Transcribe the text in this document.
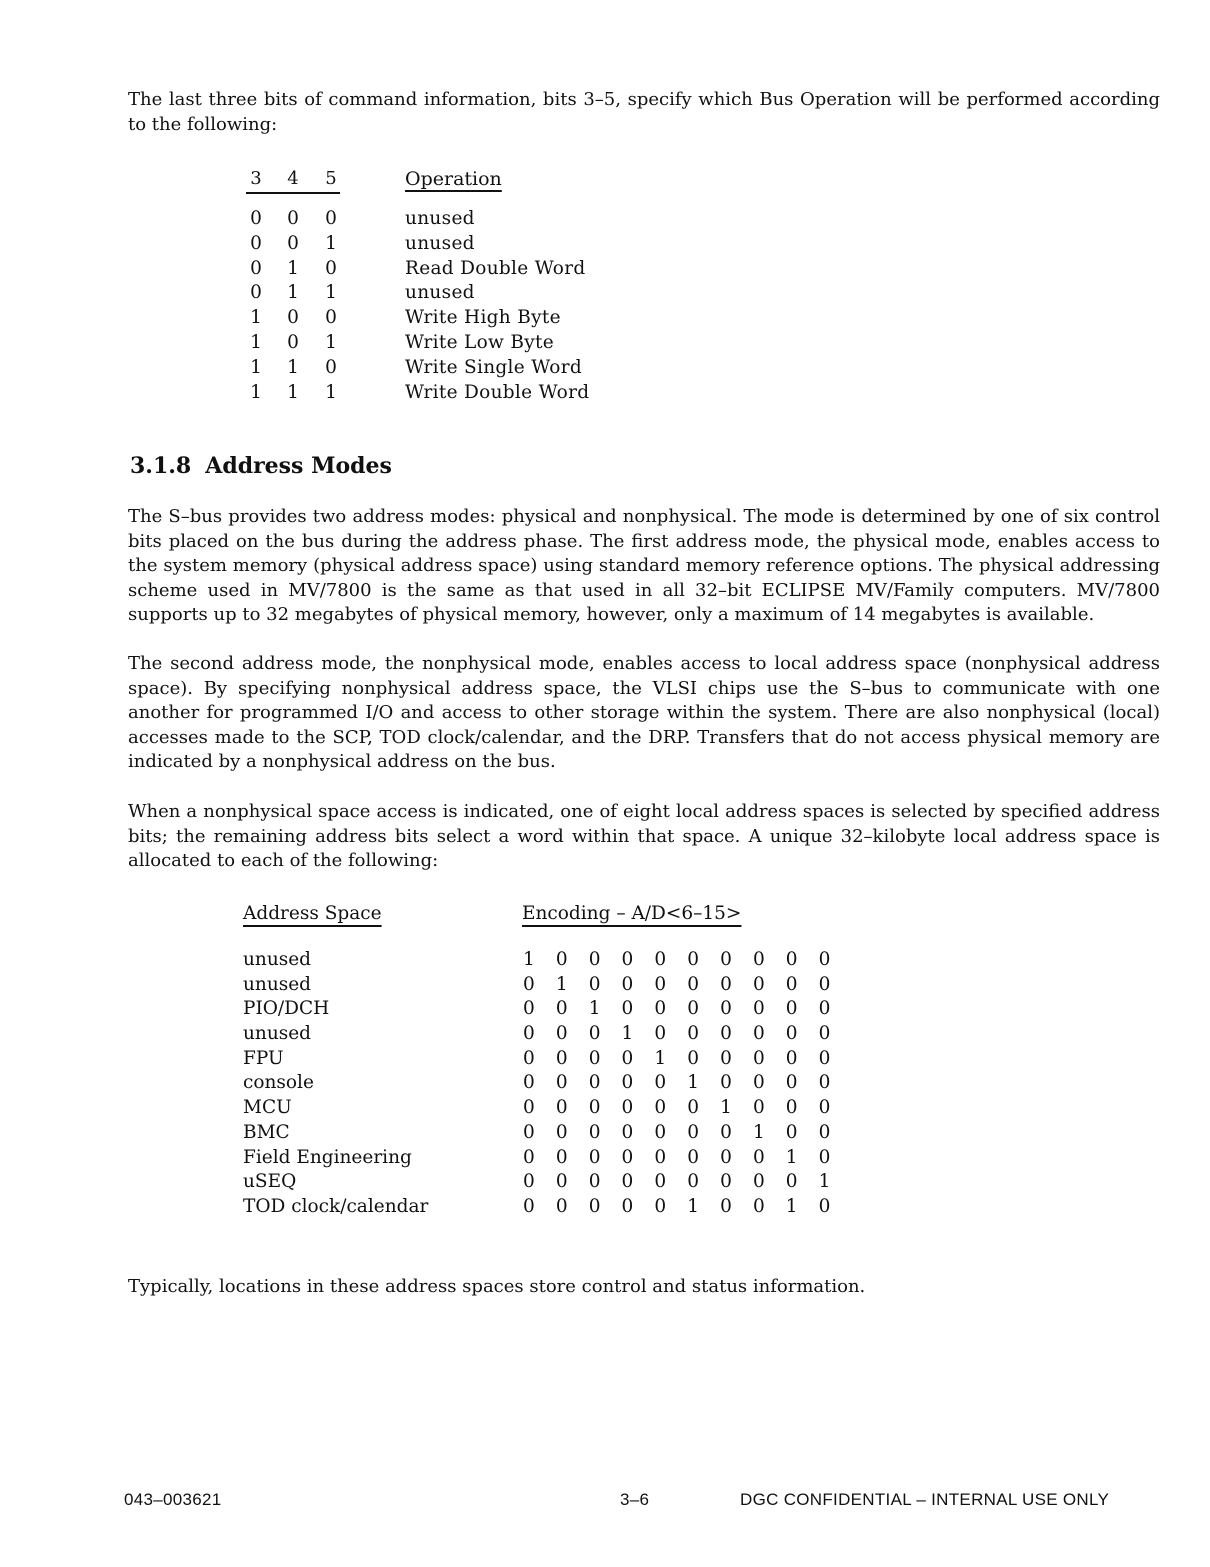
The last three bits of command information, bits 3–5, specify which Bus Operation will be performed according to the following:

3 4 5	Operation
0 0 0	unused
0 0 1	unused
0 1 0	Read Double Word
0 1 1	unused
1 0 0	Write High Byte
1 0 1	Write Low Byte
1 1 0	Write Single Word
1 1 1	Write Double Word
3.1.8 Address Modes

The S–bus provides two address modes: physical and nonphysical. The mode is determined by one of six control bits placed on the bus during the address phase. The first address mode, the physical mode, enables access to the system memory (physical address space) using standard memory reference options. The physical addressing scheme used in MV/7800 is the same as that used in all 32–bit ECLIPSE MV/Family computers. MV/7800 supports up to 32 megabytes of physical memory, however, only a maximum of 14 megabytes is available.

The second address mode, the nonphysical mode, enables access to local address space (nonphysical address space). By specifying nonphysical address space, the VLSI chips use the S–bus to communicate with one another for programmed I/O and access to other storage within the system. There are also nonphysical (local) accesses made to the SCP, TOD clock/calendar, and the DRP. Transfers that do not access physical memory are indicated by a nonphysical address on the bus.

When a nonphysical space access is indicated, one of eight local address spaces is selected by specified address bits; the remaining address bits select a word within that space. A unique 32–kilobyte local address space is allocated to each of the following:

Address Space	Encoding – A/D<6–15>
unused	1 0 0 0 0 0 0 0 0 0
unused	0 1 0 0 0 0 0 0 0 0
PIO/DCH	0 0 1 0 0 0 0 0 0 0
unused	0 0 0 1 0 0 0 0 0 0
FPU	0 0 0 0 1 0 0 0 0 0
console	0 0 0 0 0 1 0 0 0 0
MCU	0 0 0 0 0 0 1 0 0 0
BMC	0 0 0 0 0 0 0 1 0 0
Field Engineering	0 0 0 0 0 0 0 0 1 0
uSEQ	0 0 0 0 0 0 0 0 0 1
TOD clock/calendar	0 0 0 0 0 1 0 0 1 0

Typically, locations in these address spaces store control and status information.

043–003621	3–6	DGC CONFIDENTIAL – INTERNAL USE ONLY
